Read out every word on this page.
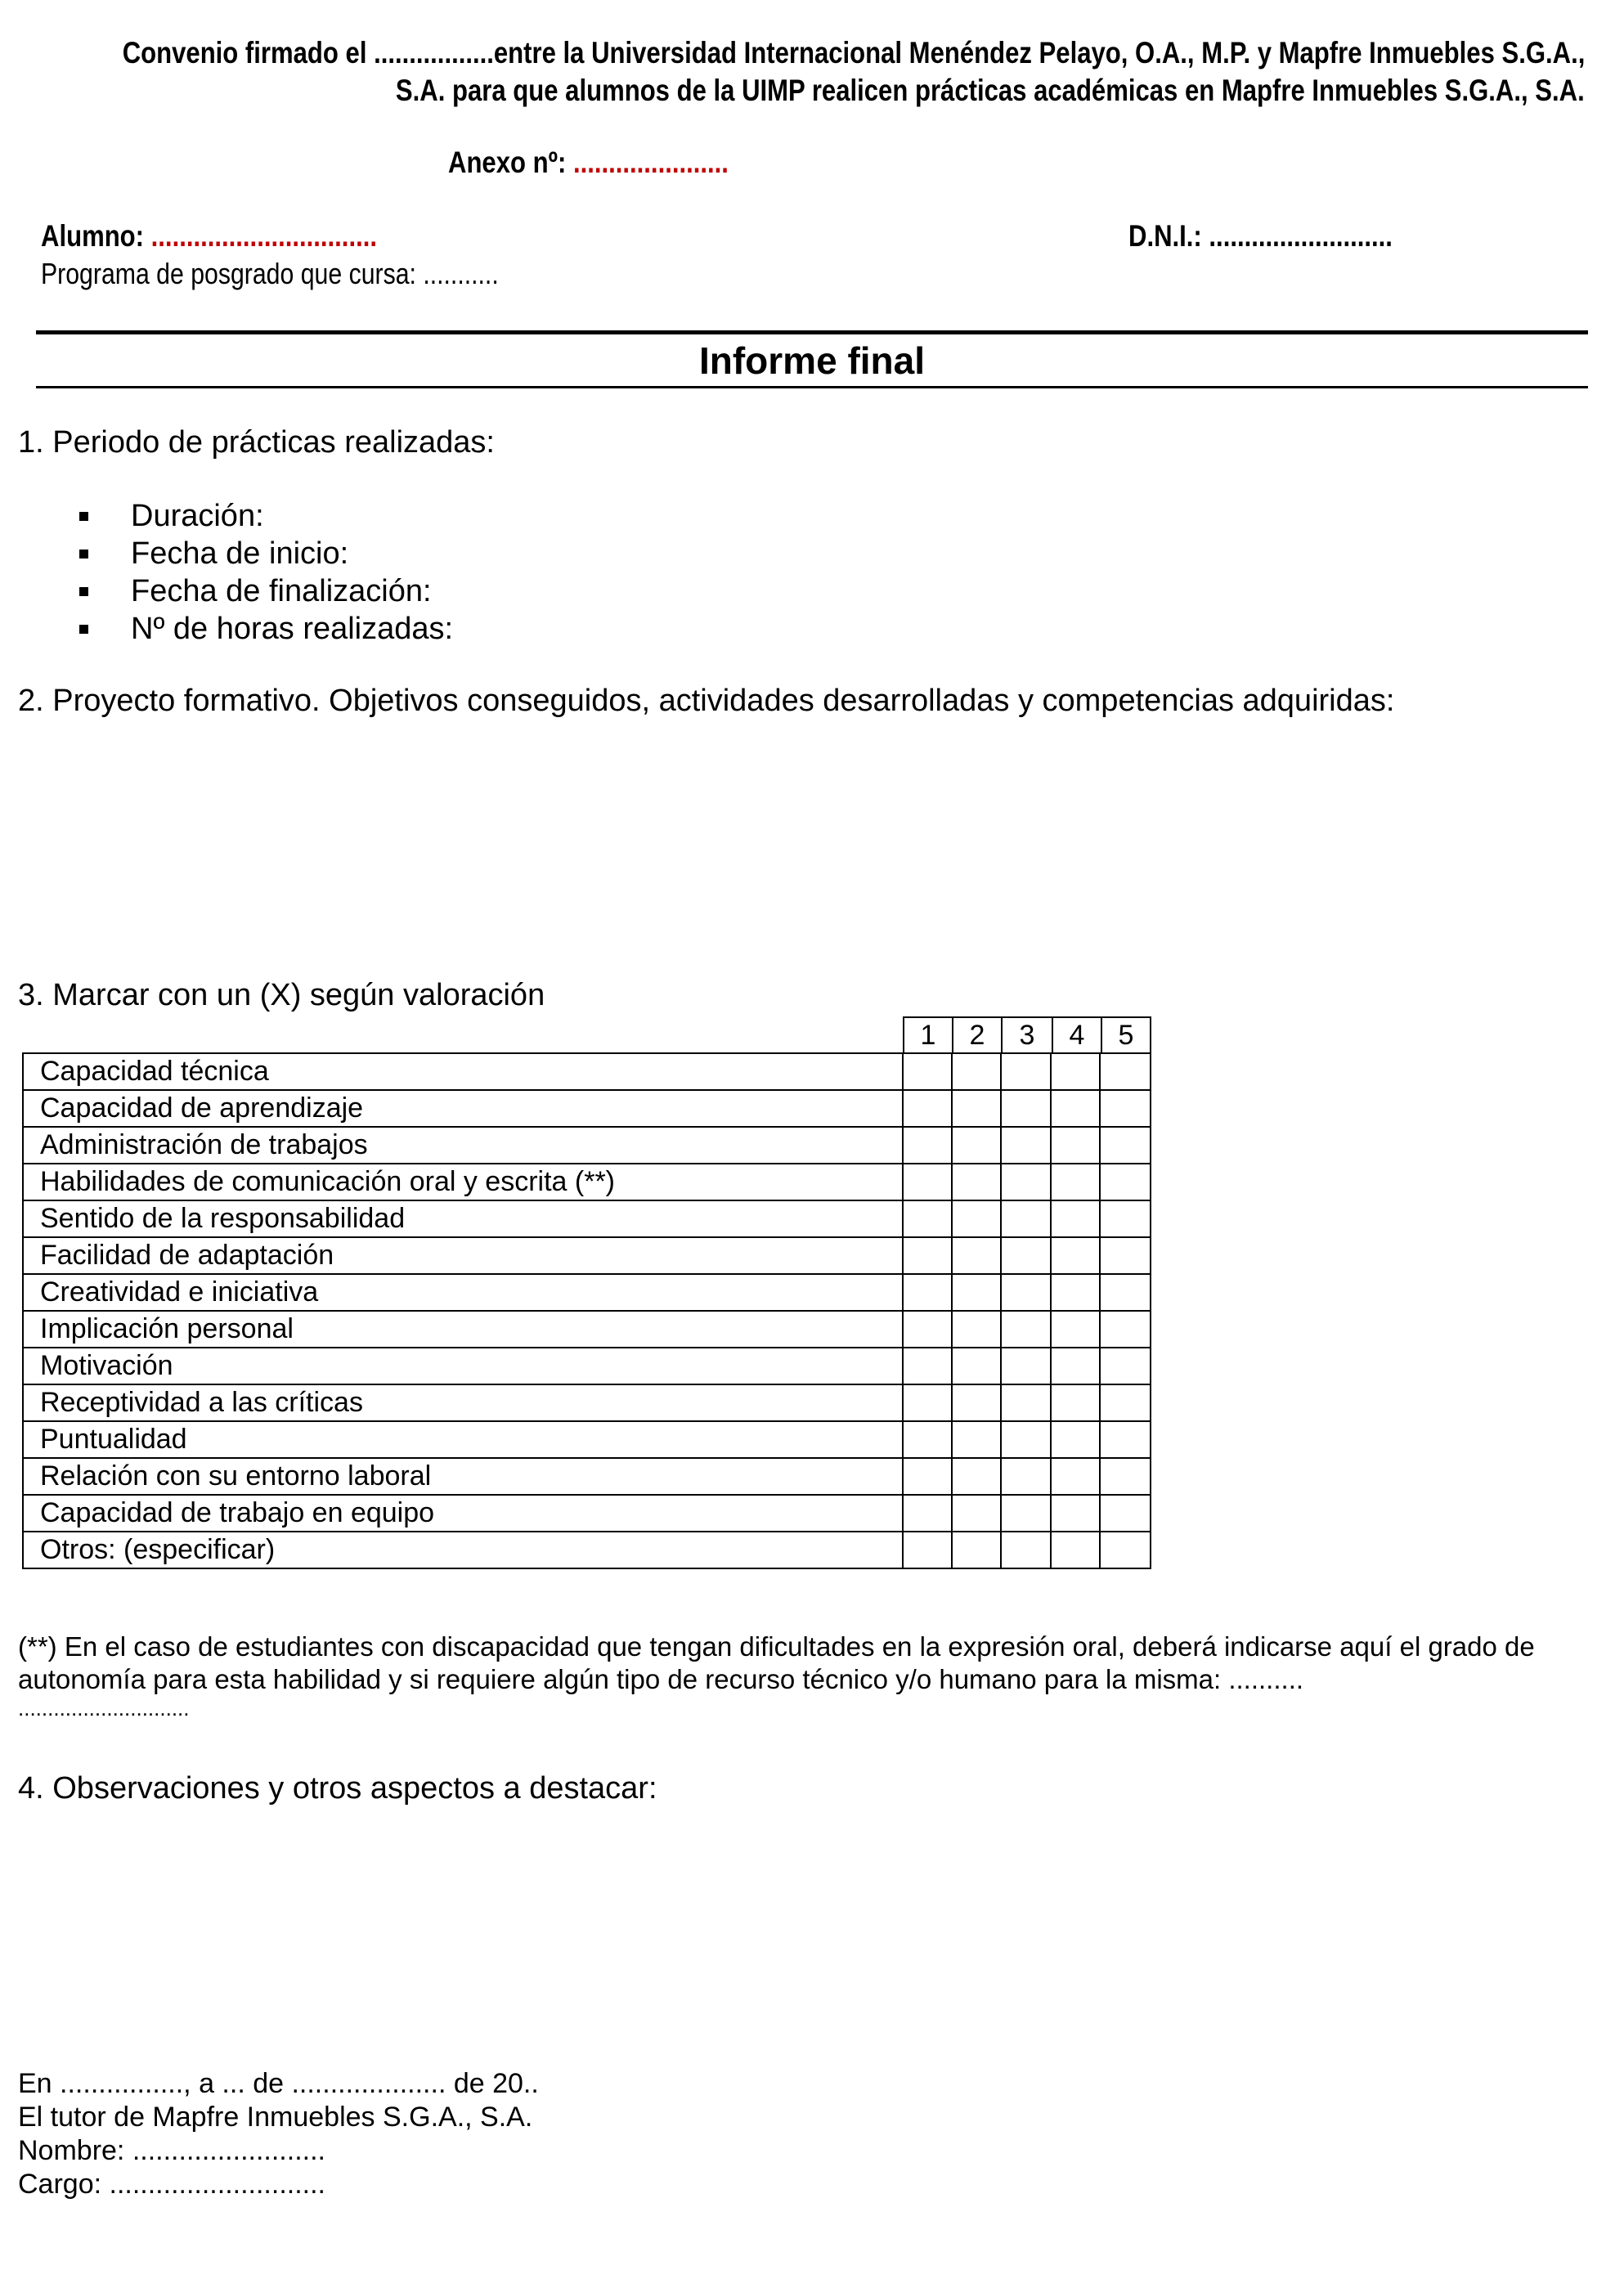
Convenio firmado el .................entre la Universidad Internacional Menéndez Pelayo, O.A., M.P. y Mapfre Inmuebles S.G.A.,
S.A. para que alumnos de la UIMP realicen prácticas académicas en Mapfre Inmuebles S.G.A., S.A.
Anexo nº: ......................
Alumno: ................................	D.N.I.: ..........................
Programa de posgrado que cursa: ...........
Informe final
1. Periodo de prácticas realizadas:
Duración:
Fecha de inicio:
Fecha de finalización:
Nº de horas realizadas:
2. Proyecto formativo. Objetivos conseguidos, actividades desarrolladas y competencias adquiridas:
3. Marcar con un (X) según valoración
1	2	3	4	5
Capacidad técnica					
Capacidad de aprendizaje					
Administración de trabajos					
Habilidades de comunicación oral y escrita (**)					
Sentido de la responsabilidad					
Facilidad de adaptación					
Creatividad e iniciativa					
Implicación personal					
Motivación					
Receptividad a las críticas					
Puntualidad					
Relación con su entorno laboral					
Capacidad de trabajo en equipo					
Otros: (especificar)					
(**) En el caso de estudiantes con discapacidad que tengan dificultades en la expresión oral, deberá indicarse aquí el grado de
autonomía para esta habilidad y si requiere algún tipo de recurso técnico y/o humano para la misma: ..........
.............................
4. Observaciones y otros aspectos a destacar:
En ................, a ... de .................... de 20..
El tutor de Mapfre Inmuebles S.G.A., S.A.
Nombre: .........................
Cargo: ............................
